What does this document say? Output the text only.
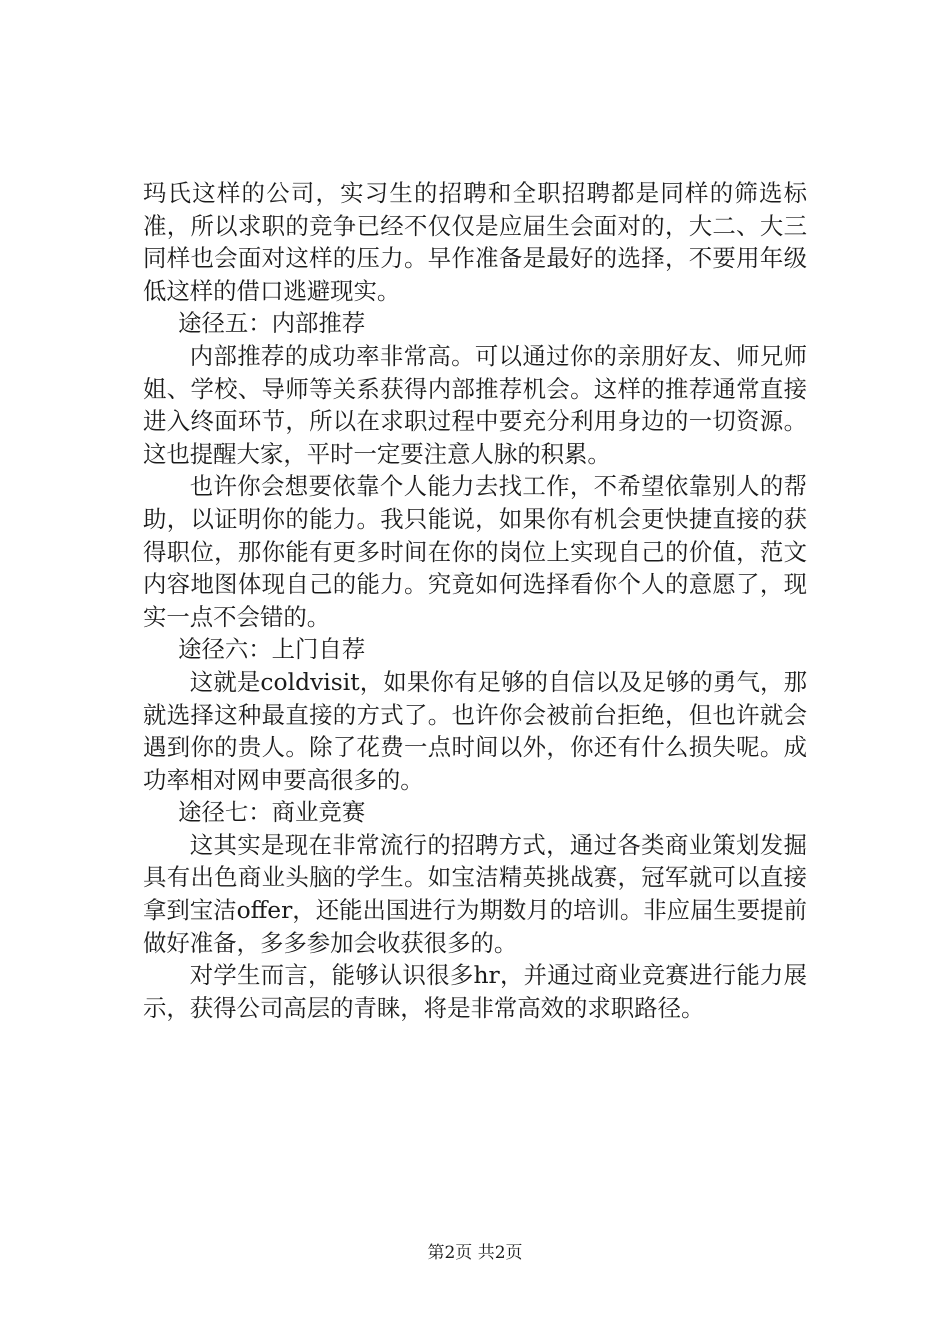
玛氏这样的公司，实习生的招聘和全职招聘都是同样的筛选标准，所以求职的竞争已经不仅仅是应届生会面对的，大二、大三同样也会面对这样的压力。早作准备是最好的选择，不要用年级低这样的借口逃避现实。

途径五：内部推荐

内部推荐的成功率非常高。可以通过你的亲朋好友、师兄师姐、学校、导师等关系获得内部推荐机会。这样的推荐通常直接进入终面环节，所以在求职过程中要充分利用身边的一切资源。这也提醒大家，平时一定要注意人脉的积累。

也许你会想要依靠个人能力去找工作，不希望依靠别人的帮助，以证明你的能力。我只能说，如果你有机会更快捷直接的获得职位，那你能有更多时间在你的岗位上实现自己的价值，范文内容地图体现自己的能力。究竟如何选择看你个人的意愿了，现实一点不会错的。

途径六：上门自荐

这就是coldvisit，如果你有足够的自信以及足够的勇气，那就选择这种最直接的方式了。也许你会被前台拒绝，但也许就会遇到你的贵人。除了花费一点时间以外，你还有什么损失呢。成功率相对网申要高很多的。

途径七：商业竞赛

这其实是现在非常流行的招聘方式，通过各类商业策划发掘具有出色商业头脑的学生。如宝洁精英挑战赛，冠军就可以直接拿到宝洁offer，还能出国进行为期数月的培训。非应届生要提前做好准备，多多参加会收获很多的。

对学生而言，能够认识很多hr，并通过商业竞赛进行能力展示，获得公司高层的青睐，将是非常高效的求职路径。

第2页 共2页
